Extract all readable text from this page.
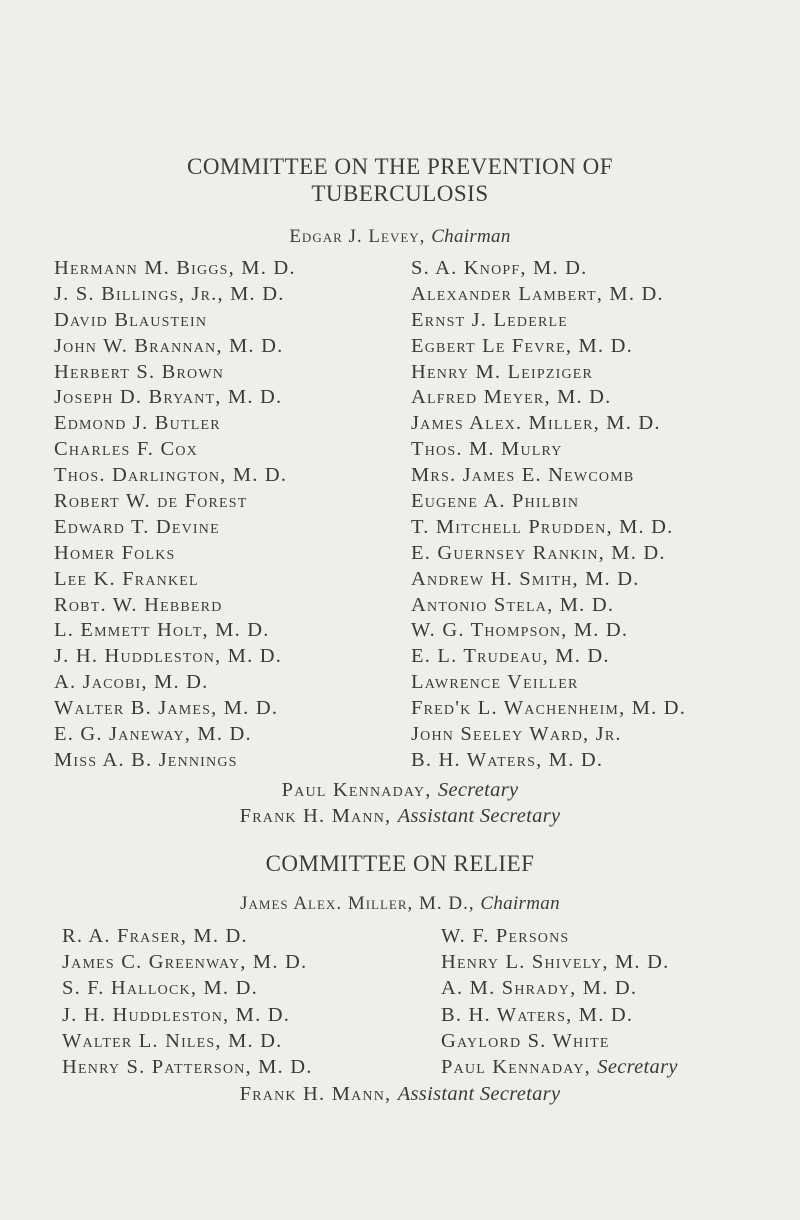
COMMITTEE ON THE PREVENTION OF
TUBERCULOSIS
Edgar J. Levey, Chairman
Hermann M. Biggs, M. D.
J. S. Billings, Jr., M. D.
David Blaustein
John W. Brannan, M. D.
Herbert S. Brown
Joseph D. Bryant, M. D.
Edmond J. Butler
Charles F. Cox
Thos. Darlington, M. D.
Robert W. de Forest
Edward T. Devine
Homer Folks
Lee K. Frankel
Robt. W. Hebberd
L. Emmett Holt, M. D.
J. H. Huddleston, M. D.
A. Jacobi, M. D.
Walter B. James, M. D.
E. G. Janeway, M. D.
Miss A. B. Jennings
S. A. Knopf, M. D.
Alexander Lambert, M. D.
Ernst J. Lederle
Egbert Le Fevre, M. D.
Henry M. Leipziger
Alfred Meyer, M. D.
James Alex. Miller, M. D.
Thos. M. Mulry
Mrs. James E. Newcomb
Eugene A. Philbin
T. Mitchell Prudden, M. D.
E. Guernsey Rankin, M. D.
Andrew H. Smith, M. D.
Antonio Stela, M. D.
W. G. Thompson, M. D.
E. L. Trudeau, M. D.
Lawrence Veiller
Fred'k L. Wachenheim, M. D.
John Seeley Ward, Jr.
B. H. Waters, M. D.
Paul Kennaday, Secretary
Frank H. Mann, Assistant Secretary
COMMITTEE ON RELIEF
James Alex. Miller, M. D., Chairman
R. A. Fraser, M. D.
James C. Greenway, M. D.
S. F. Hallock, M. D.
J. H. Huddleston, M. D.
Walter L. Niles, M. D.
Henry S. Patterson, M. D.
W. F. Persons
Henry L. Shively, M. D.
A. M. Shrady, M. D.
B. H. Waters, M. D.
Gaylord S. White
Paul Kennaday, Secretary
Frank H. Mann, Assistant Secretary
